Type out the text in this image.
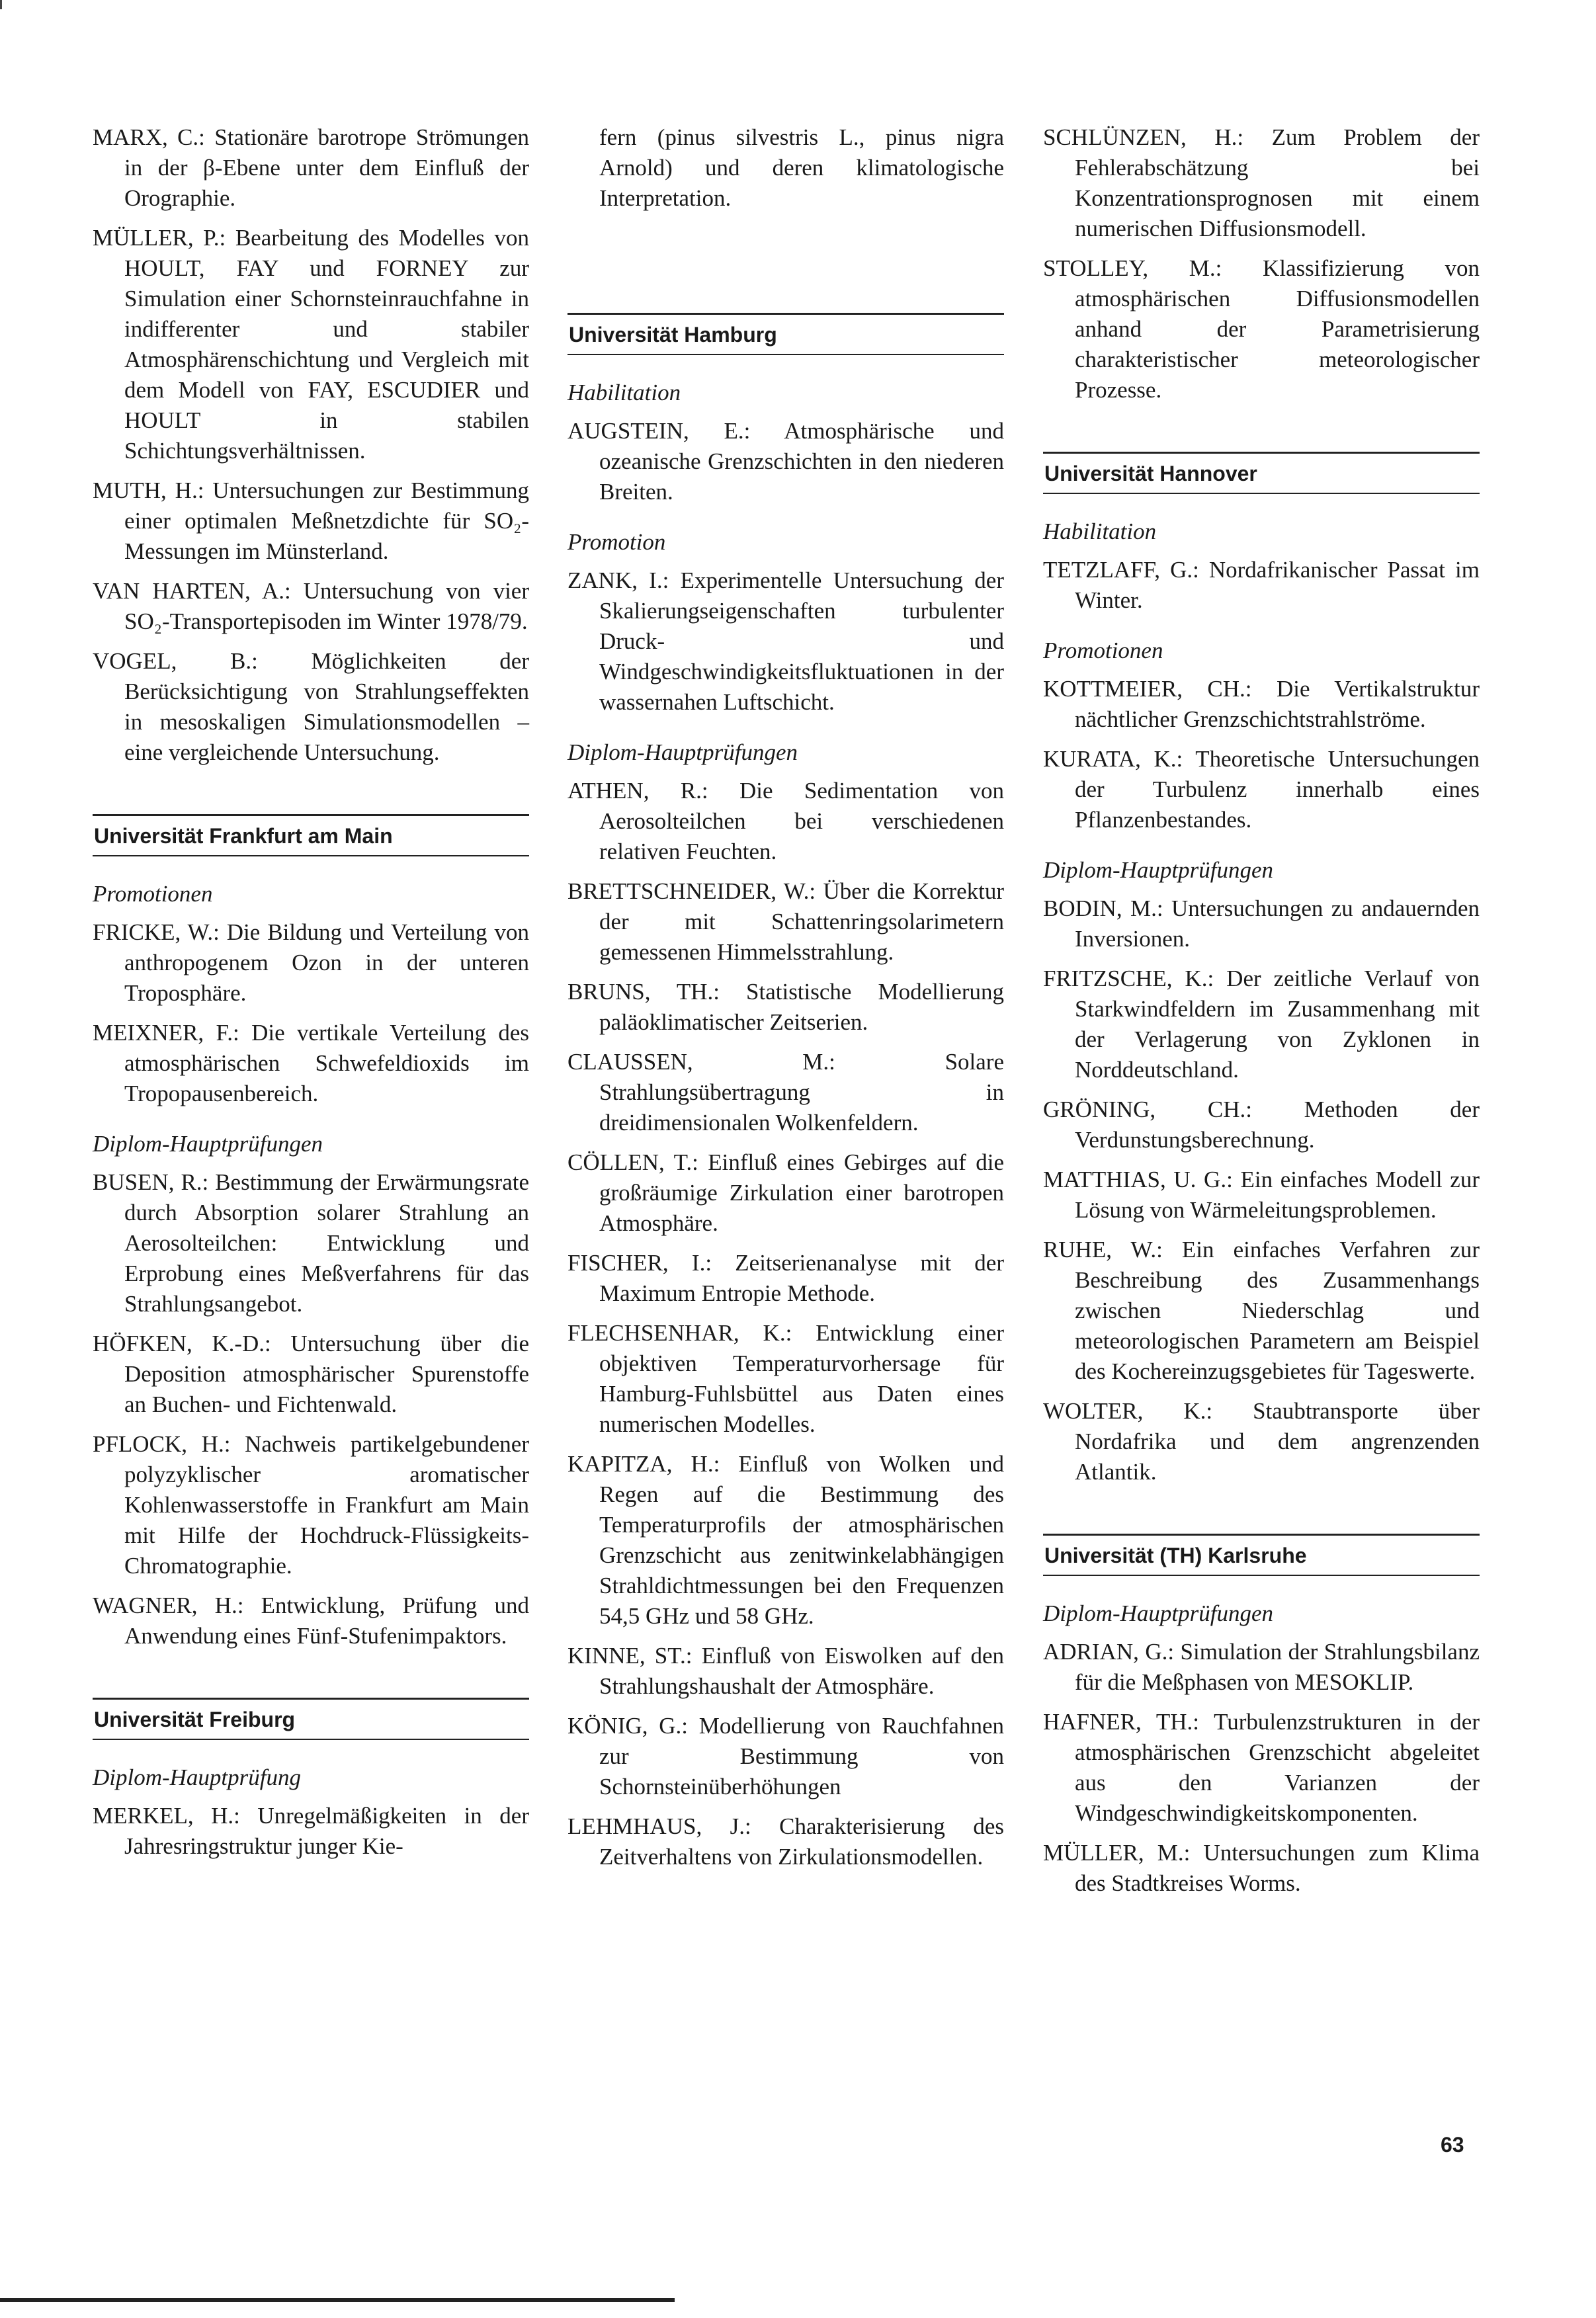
MARX, C.: Stationäre barotrope Strömungen in der β-Ebene unter dem Einfluß der Orographie.

MÜLLER, P.: Bearbeitung des Modelles von HOULT, FAY und FORNEY zur Simulation einer Schornsteinrauchfahne in indifferenter und stabiler Atmosphärenschichtung und Vergleich mit dem Modell von FAY, ESCUDIER und HOULT in stabilen Schichtungsverhältnissen.

MUTH, H.: Untersuchungen zur Bestimmung einer optimalen Meßnetzdichte für SO₂-Messungen im Münsterland.

VAN HARTEN, A.: Untersuchung von vier SO₂-Transportepisoden im Winter 1978/79.

VOGEL, B.: Möglichkeiten der Berücksichtigung von Strahlungseffekten in mesoskaligen Simulationsmodellen – eine vergleichende Untersuchung.

Universität Frankfurt am Main
Promotionen

FRICKE, W.: Die Bildung und Verteilung von anthropogenem Ozon in der unteren Troposphäre.

MEIXNER, F.: Die vertikale Verteilung des atmosphärischen Schwefeldioxids im Tropopausenbereich.

Diplom-Hauptprüfungen

BUSEN, R.: Bestimmung der Erwärmungsrate durch Absorption solarer Strahlung an Aerosolteilchen: Entwicklung und Erprobung eines Meßverfahrens für das Strahlungsangebot.

HÖFKEN, K.-D.: Untersuchung über die Deposition atmosphärischer Spurenstoffe an Buchen- und Fichtenwald.

PFLOCK, H.: Nachweis partikelgebundener polyzyklischer aromatischer Kohlenwasserstoffe in Frankfurt am Main mit Hilfe der Hochdruck-Flüssigkeits-Chromatographie.

WAGNER, H.: Entwicklung, Prüfung und Anwendung eines Fünf-Stufenimpaktors.

Universität Freiburg
Diplom-Hauptprüfung

MERKEL, H.: Unregelmäßigkeiten in der Jahresringstruktur junger Kie-

fern (pinus silvestris L., pinus nigra Arnold) und deren klimatologische Interpretation.

Universität Hamburg
Habilitation

AUGSTEIN, E.: Atmosphärische und ozeanische Grenzschichten in den niederen Breiten.

Promotion

ZANK, I.: Experimentelle Untersuchung der Skalierungseigenschaften turbulenter Druck- und Windgeschwindigkeitsfluktuationen in der wassernahen Luftschicht.

Diplom-Hauptprüfungen

ATHEN, R.: Die Sedimentation von Aerosolteilchen bei verschiedenen relativen Feuchten.

BRETTSCHNEIDER, W.: Über die Korrektur der mit Schattenringsolarimetern gemessenen Himmelsstrahlung.

BRUNS, TH.: Statistische Modellierung paläoklimatischer Zeitserien.

CLAUSSEN, M.: Solare Strahlungsübertragung in dreidimensionalen Wolkenfeldern.

CÖLLEN, T.: Einfluß eines Gebirges auf die großräumige Zirkulation einer barotropen Atmosphäre.

FISCHER, I.: Zeitserienanalyse mit der Maximum Entropie Methode.

FLECHSENHAR, K.: Entwicklung einer objektiven Temperaturvorhersage für Hamburg-Fuhlsbüttel aus Daten eines numerischen Modelles.

KAPITZA, H.: Einfluß von Wolken und Regen auf die Bestimmung des Temperaturprofils der atmosphärischen Grenzschicht aus zenitwinkelabhängigen Strahldichtmessungen bei den Frequenzen 54,5 GHz und 58 GHz.

KINNE, ST.: Einfluß von Eiswolken auf den Strahlungshaushalt der Atmosphäre.

KÖNIG, G.: Modellierung von Rauchfahnen zur Bestimmung von Schornsteinüberhöhungen

LEHMHAUS, J.: Charakterisierung des Zeitverhaltens von Zirkulationsmodellen.

SCHLÜNZEN, H.: Zum Problem der Fehlerabschätzung bei Konzentrationsprognosen mit einem numerischen Diffusionsmodell.

STOLLEY, M.: Klassifizierung von atmosphärischen Diffusionsmodellen anhand der Parametrisierung charakteristischer meteorologischer Prozesse.

Universität Hannover
Habilitation

TETZLAFF, G.: Nordafrikanischer Passat im Winter.

Promotionen

KOTTMEIER, CH.: Die Vertikalstruktur nächtlicher Grenzschichtstrahlströme.

KURATA, K.: Theoretische Untersuchungen der Turbulenz innerhalb eines Pflanzenbestandes.

Diplom-Hauptprüfungen

BODIN, M.: Untersuchungen zu andauernden Inversionen.

FRITZSCHE, K.: Der zeitliche Verlauf von Starkwindfeldern im Zusammenhang mit der Verlagerung von Zyklonen in Norddeutschland.

GRÖNING, CH.: Methoden der Verdunstungsberechnung.

MATTHIAS, U. G.: Ein einfaches Modell zur Lösung von Wärmeleitungsproblemen.

RUHE, W.: Ein einfaches Verfahren zur Beschreibung des Zusammenhangs zwischen Niederschlag und meteorologischen Parametern am Beispiel des Kochereinzugsgebietes für Tageswerte.

WOLTER, K.: Staubtransporte über Nordafrika und dem angrenzenden Atlantik.

Universität (TH) Karlsruhe
Diplom-Hauptprüfungen

ADRIAN, G.: Simulation der Strahlungsbilanz für die Meßphasen von MESOKLIP.

HAFNER, TH.: Turbulenzstrukturen in der atmosphärischen Grenzschicht abgeleitet aus den Varianzen der Windgeschwindigkeitskomponenten.

MÜLLER, M.: Untersuchungen zum Klima des Stadtkreises Worms.

63
